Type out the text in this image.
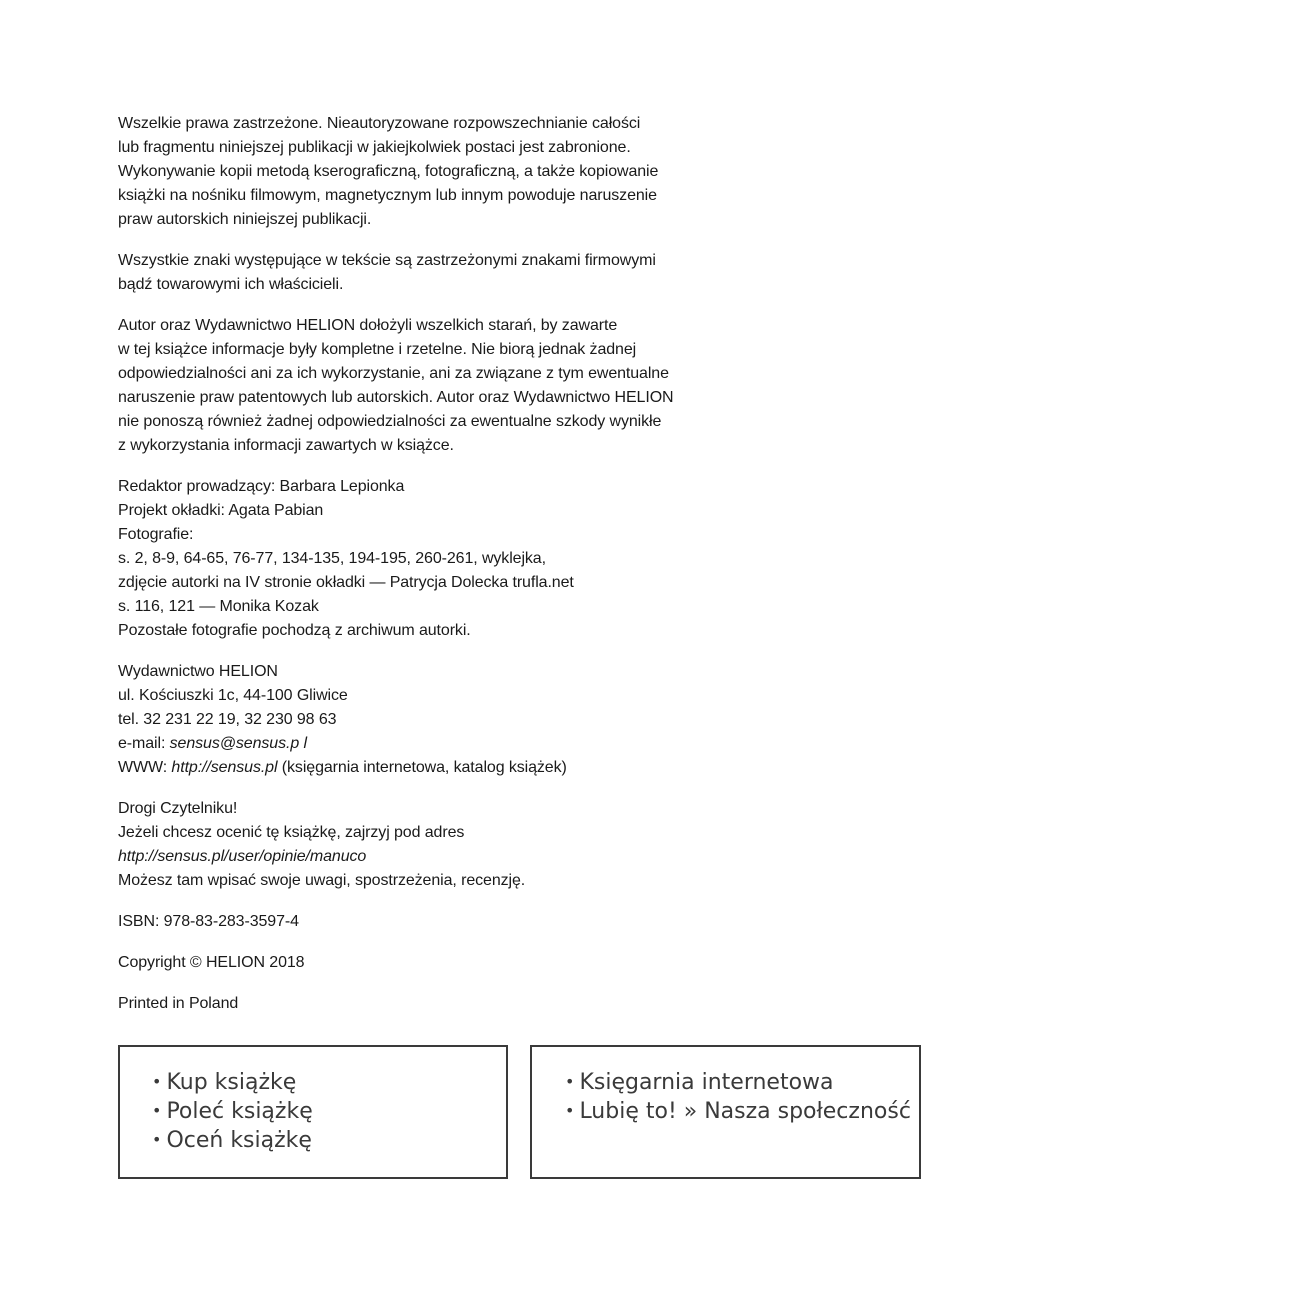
Wszelkie prawa zastrzeżone. Nieautoryzowane rozpowszechnianie całości
lub fragmentu niniejszej publikacji w jakiejkolwiek postaci jest zabronione.
Wykonywanie kopii metodą kserograficzną, fotograficzną, a także kopiowanie
książki na nośniku filmowym, magnetycznym lub innym powoduje naruszenie
praw autorskich niniejszej publikacji.

Wszystkie znaki występujące w tekście są zastrzeżonymi znakami firmowymi
bądź towarowymi ich właścicieli.

Autor oraz Wydawnictwo HELION dołożyli wszelkich starań, by zawarte
w tej książce informacje były kompletne i rzetelne. Nie biorą jednak żadnej
odpowiedzialności ani za ich wykorzystanie, ani za związane z tym ewentualne
naruszenie praw patentowych lub autorskich. Autor oraz Wydawnictwo HELION
nie ponoszą również żadnej odpowiedzialności za ewentualne szkody wynikłe
z wykorzystania informacji zawartych w książce.

Redaktor prowadzący: Barbara Lepionka
Projekt okładki: Agata Pabian
Fotografie:
s. 2, 8-9, 64-65, 76-77, 134-135, 194-195, 260-261, wyklejka,
zdjęcie autorki na IV stronie okładki — Patrycja Dolecka trufla.net
s. 116, 121 — Monika Kozak
Pozostałe fotografie pochodzą z archiwum autorki.

Wydawnictwo HELION
ul. Kościuszki 1c, 44-100 Gliwice
tel. 32 231 22 19, 32 230 98 63
e-mail: sensus@sensus.p l
WWW: http://sensus.pl (księgarnia internetowa, katalog książek)

Drogi Czytelniku!
Jeżeli chcesz ocenić tę książkę, zajrzyj pod adres
http://sensus.pl/user/opinie/manuco
Możesz tam wpisać swoje uwagi, spostrzeżenia, recenzję.

ISBN: 978-83-283-3597-4

Copyright © HELION 2018

Printed in Poland

• Kup książkę
• Poleć książkę
• Oceń książkę
• Księgarnia internetowa
• Lubię to! » Nasza społeczność
